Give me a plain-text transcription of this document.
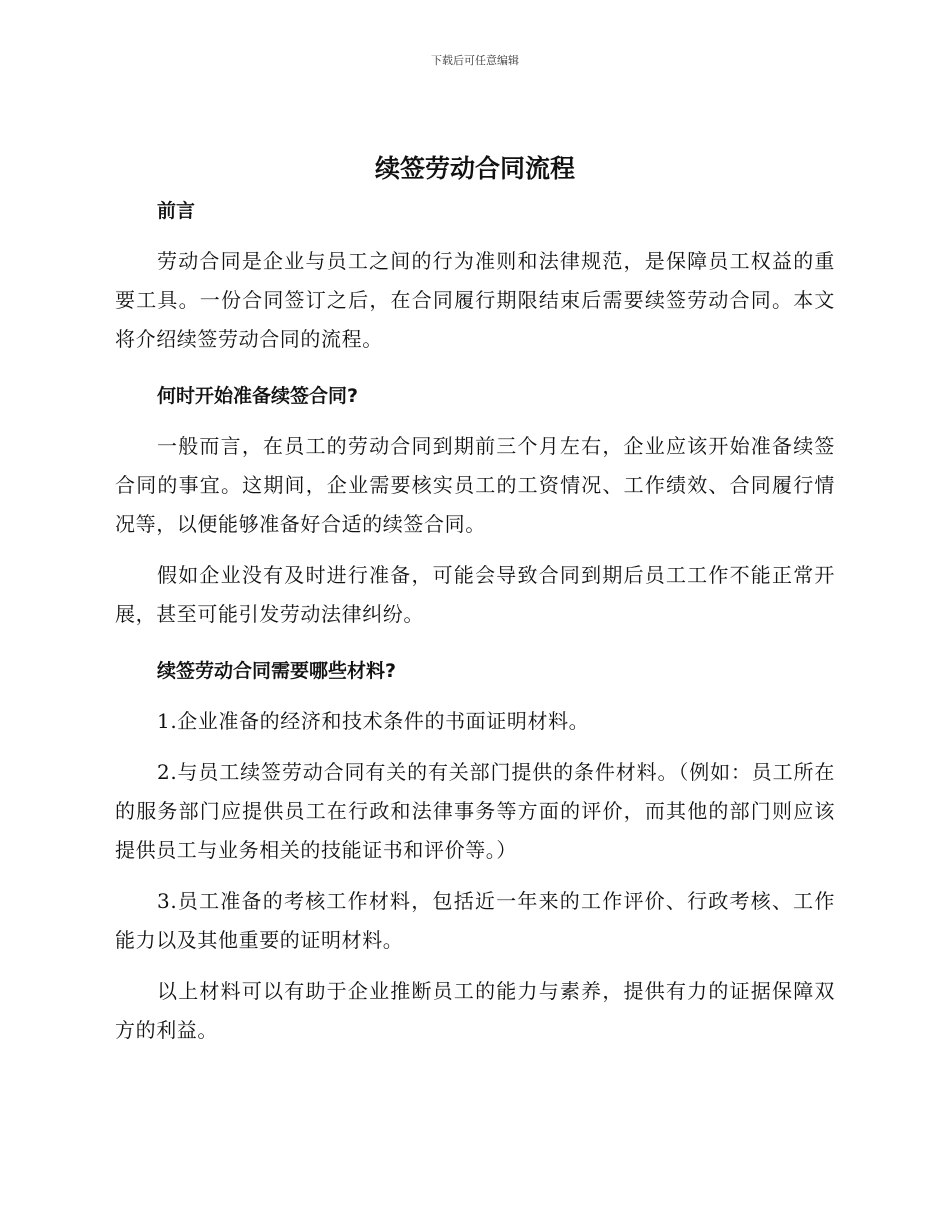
下载后可任意编辑
续签劳动合同流程
前言

劳动合同是企业与员工之间的行为准则和法律规范，是保障员工权益的重要工具。一份合同签订之后，在合同履行期限结束后需要续签劳动合同。本文将介绍续签劳动合同的流程。

何时开始准备续签合同?

一般而言，在员工的劳动合同到期前三个月左右，企业应该开始准备续签合同的事宜。这期间，企业需要核实员工的工资情况、工作绩效、合同履行情况等，以便能够准备好合适的续签合同。

假如企业没有及时进行准备，可能会导致合同到期后员工工作不能正常开展，甚至可能引发劳动法律纠纷。

续签劳动合同需要哪些材料?

1.企业准备的经济和技术条件的书面证明材料。

2.与员工续签劳动合同有关的有关部门提供的条件材料。（例如：员工所在的服务部门应提供员工在行政和法律事务等方面的评价，而其他的部门则应该提供员工与业务相关的技能证书和评价等。）

3.员工准备的考核工作材料，包括近一年来的工作评价、行政考核、工作能力以及其他重要的证明材料。

以上材料可以有助于企业推断员工的能力与素养，提供有力的证据保障双方的利益。
